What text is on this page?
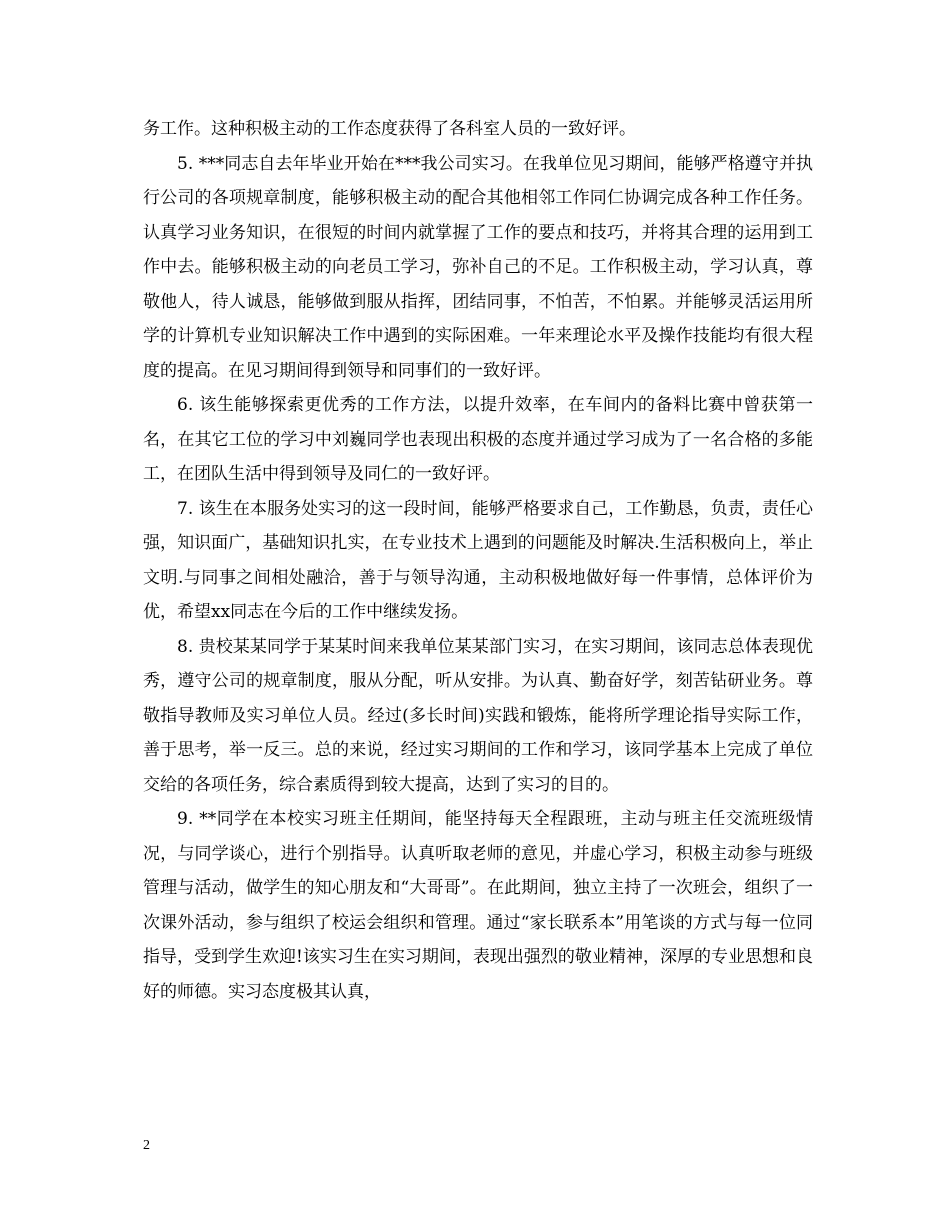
务工作。这种积极主动的工作态度获得了各科室人员的一致好评。

5. ***同志自去年毕业开始在***我公司实习。在我单位见习期间，能够严格遵守并执行公司的各项规章制度，能够积极主动的配合其他相邻工作同仁协调完成各种工作任务。认真学习业务知识，在很短的时间内就掌握了工作的要点和技巧，并将其合理的运用到工作中去。能够积极主动的向老员工学习，弥补自己的不足。工作积极主动，学习认真，尊敬他人，待人诚恳，能够做到服从指挥，团结同事，不怕苦，不怕累。并能够灵活运用所学的计算机专业知识解决工作中遇到的实际困难。一年来理论水平及操作技能均有很大程度的提高。在见习期间得到领导和同事们的一致好评。

6. 该生能够探索更优秀的工作方法，以提升效率，在车间内的备料比赛中曾获第一名，在其它工位的学习中刘巍同学也表现出积极的态度并通过学习成为了一名合格的多能工，在团队生活中得到领导及同仁的一致好评。

7. 该生在本服务处实习的这一段时间，能够严格要求自己，工作勤恳，负责，责任心强，知识面广，基础知识扎实，在专业技术上遇到的问题能及时解决.生活积极向上，举止文明.与同事之间相处融洽，善于与领导沟通，主动积极地做好每一件事情，总体评价为优，希望xx同志在今后的工作中继续发扬。

8. 贵校某某同学于某某时间来我单位某某部门实习，在实习期间，该同志总体表现优秀，遵守公司的规章制度，服从分配，听从安排。为认真、勤奋好学，刻苦钻研业务。尊敬指导教师及实习单位人员。经过(多长时间)实践和锻炼，能将所学理论指导实际工作，善于思考，举一反三。总的来说，经过实习期间的工作和学习，该同学基本上完成了单位交给的各项任务，综合素质得到较大提高，达到了实习的目的。

9. **同学在本校实习班主任期间，能坚持每天全程跟班，主动与班主任交流班级情况，与同学谈心，进行个别指导。认真听取老师的意见，并虚心学习，积极主动参与班级管理与活动，做学生的知心朋友和“大哥哥”。在此期间，独立主持了一次班会，组织了一次课外活动，参与组织了校运会组织和管理。通过“家长联系本”用笔谈的方式与每一位同指导，受到学生欢迎!该实习生在实习期间，表现出强烈的敬业精神，深厚的专业思想和良好的师德。实习态度极其认真，

2
